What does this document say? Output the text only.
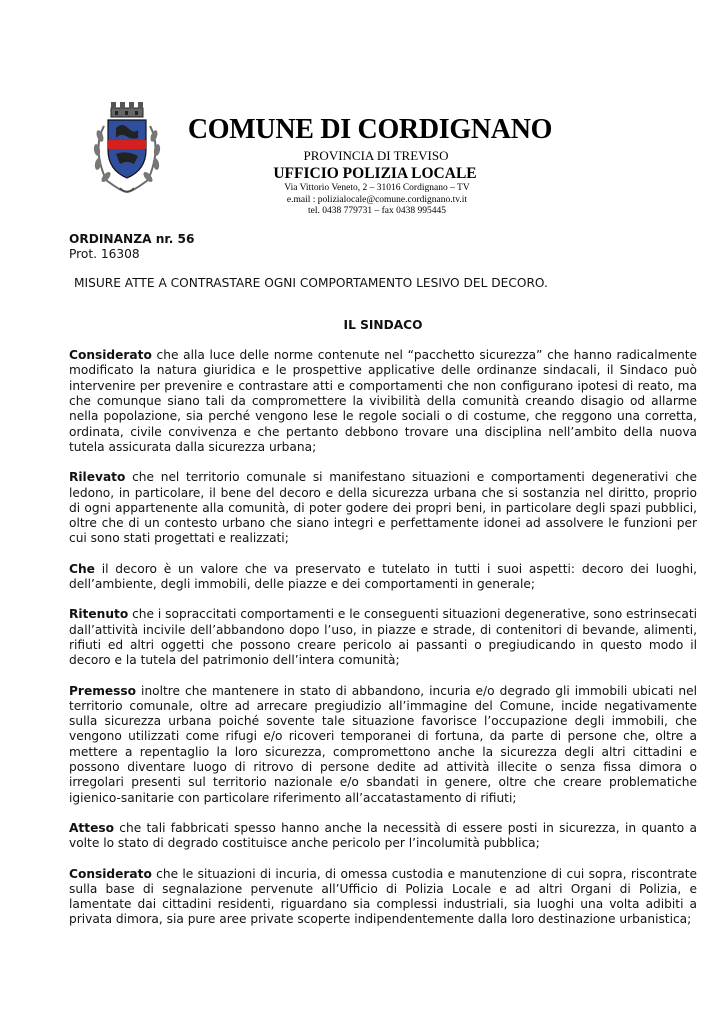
COMUNE DI CORDIGNANO
PROVINCIA DI TREVISO
UFFICIO POLIZIA LOCALE
Via Vittorio Veneto, 2 – 31016 Cordignano – TV
e.mail : polizialocale@comune.cordignano.tv.it
tel. 0438 779731 – fax 0438 995445
ORDINANZA nr. 56
Prot. 16308
MISURE ATTE A CONTRASTARE OGNI COMPORTAMENTO LESIVO DEL DECORO.
IL SINDACO

Considerato che alla luce delle norme contenute nel “pacchetto sicurezza” che hanno radicalmente modificato la natura giuridica e le prospettive applicative delle ordinanze sindacali, il Sindaco può intervenire per prevenire e contrastare atti e comportamenti che non configurano ipotesi di reato, ma che comunque siano tali da compromettere la vivibilità della comunità creando disagio od allarme nella popolazione, sia perché vengono lese le regole sociali o di costume, che reggono una corretta, ordinata, civile convivenza e che pertanto debbono trovare una disciplina nell’ambito della nuova tutela assicurata dalla sicurezza urbana;

Rilevato che nel territorio comunale si manifestano situazioni e comportamenti degenerativi che ledono, in particolare, il bene del decoro e della sicurezza urbana che si sostanzia nel diritto, proprio di ogni appartenente alla comunità, di poter godere dei propri beni, in particolare degli spazi pubblici, oltre che di un contesto urbano che siano integri e perfettamente idonei ad assolvere le funzioni per cui sono stati progettati e realizzati;

Che il decoro è un valore che va preservato e tutelato in tutti i suoi aspetti: decoro dei luoghi, dell’ambiente, degli immobili, delle piazze e dei comportamenti in generale;

Ritenuto che i sopraccitati comportamenti e le conseguenti situazioni degenerative, sono estrinsecati dall’attività incivile dell’abbandono dopo l’uso, in piazze e strade, di contenitori di bevande, alimenti, rifiuti ed altri oggetti che possono creare pericolo ai passanti o pregiudicando in questo modo il decoro e la tutela del patrimonio dell’intera comunità;

Premesso inoltre che mantenere in stato di abbandono, incuria e/o degrado gli immobili ubicati nel territorio comunale, oltre ad arrecare pregiudizio all’immagine del Comune, incide negativamente sulla sicurezza urbana poiché sovente tale situazione favorisce l’occupazione degli immobili, che vengono utilizzati come rifugi e/o ricoveri temporanei di fortuna, da parte di persone che, oltre a mettere a repentaglio la loro sicurezza, compromettono anche la sicurezza degli altri cittadini e possono diventare luogo di ritrovo di persone dedite ad attività illecite o senza fissa dimora o irregolari presenti sul territorio nazionale e/o sbandati in genere, oltre che creare problematiche igienico-sanitarie con particolare riferimento all’accatastamento di rifiuti;

Atteso che tali fabbricati spesso hanno anche la necessità di essere posti in sicurezza, in quanto a volte lo stato di degrado costituisce anche pericolo per l’incolumità pubblica;

Considerato che le situazioni di incuria, di omessa custodia e manutenzione di cui sopra, riscontrate sulla base di segnalazione pervenute all’Ufficio di Polizia Locale e ad altri Organi di Polizia, e lamentate dai cittadini residenti, riguardano sia complessi industriali, sia luoghi una volta adibiti a privata dimora, sia pure aree private scoperte indipendentemente dalla loro destinazione urbanistica;
